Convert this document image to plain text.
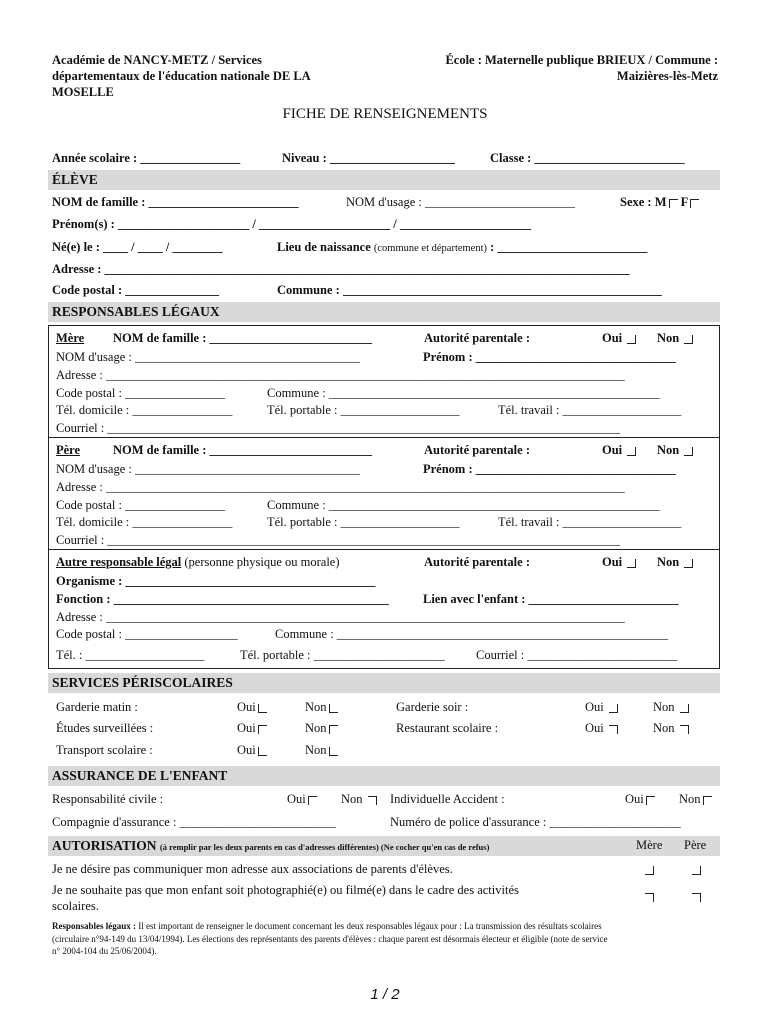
Académie de NANCY-METZ / Services
départementaux de l'éducation nationale DE LA
MOSELLE
École : Maternelle publique BRIEUX / Commune :
Maizières-lès-Metz
FICHE DE RENSEIGNEMENTS
Année scolaire : ________________	Niveau : ____________________	Classe : ________________________
ÉLÈVE
NOM de famille : ________________________	NOM d'usage : ________________________	Sexe : M F
Prénom(s) : _____________________ / _____________________ / _____________________
Né(e) le : ____ / ____ / ________	Lieu de naissance (commune et département) : ________________________
Adresse : ____________________________________________________________________________________
Code postal : _______________	Commune : ___________________________________________________
RESPONSABLES LÉGAUX
Mère NOM de famille : __________________________	Autorité parentale :	Oui	Non
NOM d'usage : ____________________________________	Prénom : ________________________________
Adresse : ___________________________________________________________________________________
Code postal : ________________	Commune : _____________________________________________________
Tél. domicile : ________________	Tél. portable : ___________________	Tél. travail : ___________________
Courriel : __________________________________________________________________________________
Père	NOM de famille : __________________________	Autorité parentale :	Oui	Non
NOM d'usage : ____________________________________	Prénom : ________________________________
Adresse : ___________________________________________________________________________________
Code postal : ________________	Commune : _____________________________________________________
Tél. domicile : ________________	Tél. portable : ___________________	Tél. travail : ___________________
Courriel : __________________________________________________________________________________
Autre responsable légal (personne physique ou morale)	Autorité parentale :	Oui	Non
Organisme : ________________________________________
Fonction : ____________________________________________	Lien avec l'enfant : ________________________
Adresse : ___________________________________________________________________________________
Code postal : __________________	Commune : _____________________________________________________
Tél. : ___________________	Tél. portable : _____________________ Courriel : ________________________
SERVICES PÉRISCOLAIRES
Garderie matin :	Oui	Non	Garderie soir :	Oui	Non
Études surveillées :	Oui	Non	Restaurant scolaire :	Oui	Non
Transport scolaire :	Oui	Non
ASSURANCE DE L'ENFANT
Responsabilité civile :	Oui	Non	Individuelle Accident :	Oui	Non
Compagnie d'assurance : _________________________	Numéro de police d'assurance : _____________________
AUTORISATION (à remplir par les deux parents en cas d'adresses différentes) (Ne cocher qu'en cas de refus)	Mère Père
Je ne désire pas communiquer mon adresse aux associations de parents d'élèves.
Je ne souhaite pas que mon enfant soit photographié(e) ou filmé(e) dans le cadre des activités
scolaires.
Responsables légaux : Il est important de renseigner le document concernant les deux responsables légaux pour : La transmission des résultats scolaires
(circulaire n°94-149 du 13/04/1994). Les élections des représentants des parents d'élèves : chaque parent est désormais électeur et éligible (note de service
n° 2004-104 du 25/06/2004).
1 / 2
